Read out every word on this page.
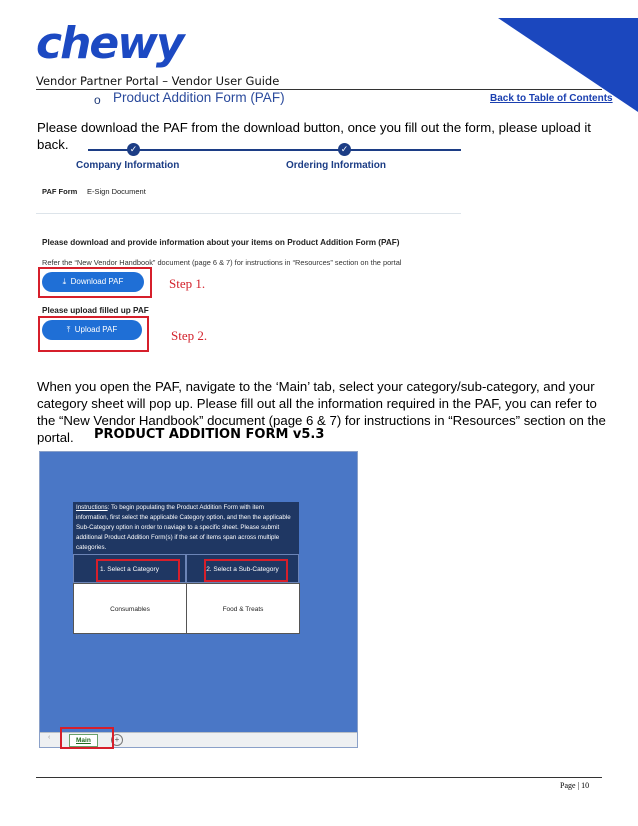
chewy
Vendor Partner Portal – Vendor User Guide
o Product Addition Form (PAF)	Back to Table of Contents
Please download the PAF from the download button, once you fill out the form, please upload it back.	✓	✓
Company Information	Ordering Information
PAF Form E-Sign Document
Please download and provide information about your items on Product Addition Form (PAF)
Refer the “New Vendor Handbook” document (page 6 & 7) for instructions in “Resources” section on the portal
⤓ Download PAF	Step 1.
Please upload filled up PAF
⤒ Upload PAF	Step 2.
When you open the PAF, navigate to the ‘Main’ tab, select your category/sub-category, and your category sheet will pop up. Please fill out all the information required in the PAF, you can refer to the “New Vendor Handbook” document (page 6 & 7) for instructions in “Resources” section on the portal.	PRODUCT ADDITION FORM v5.3
Instructions: To begin populating the Product Addition Form with item information, first select the applicable Category option, and then the applicable Sub-Category option in order to naviage to a specific sheet. Please submit additional Product Addition Form(s) if the set of items span across multiple categories.
1. Select a Category	2. Select a Sub-Category
Consumables	Food & Treats
‹	Main	+
Page | 10
